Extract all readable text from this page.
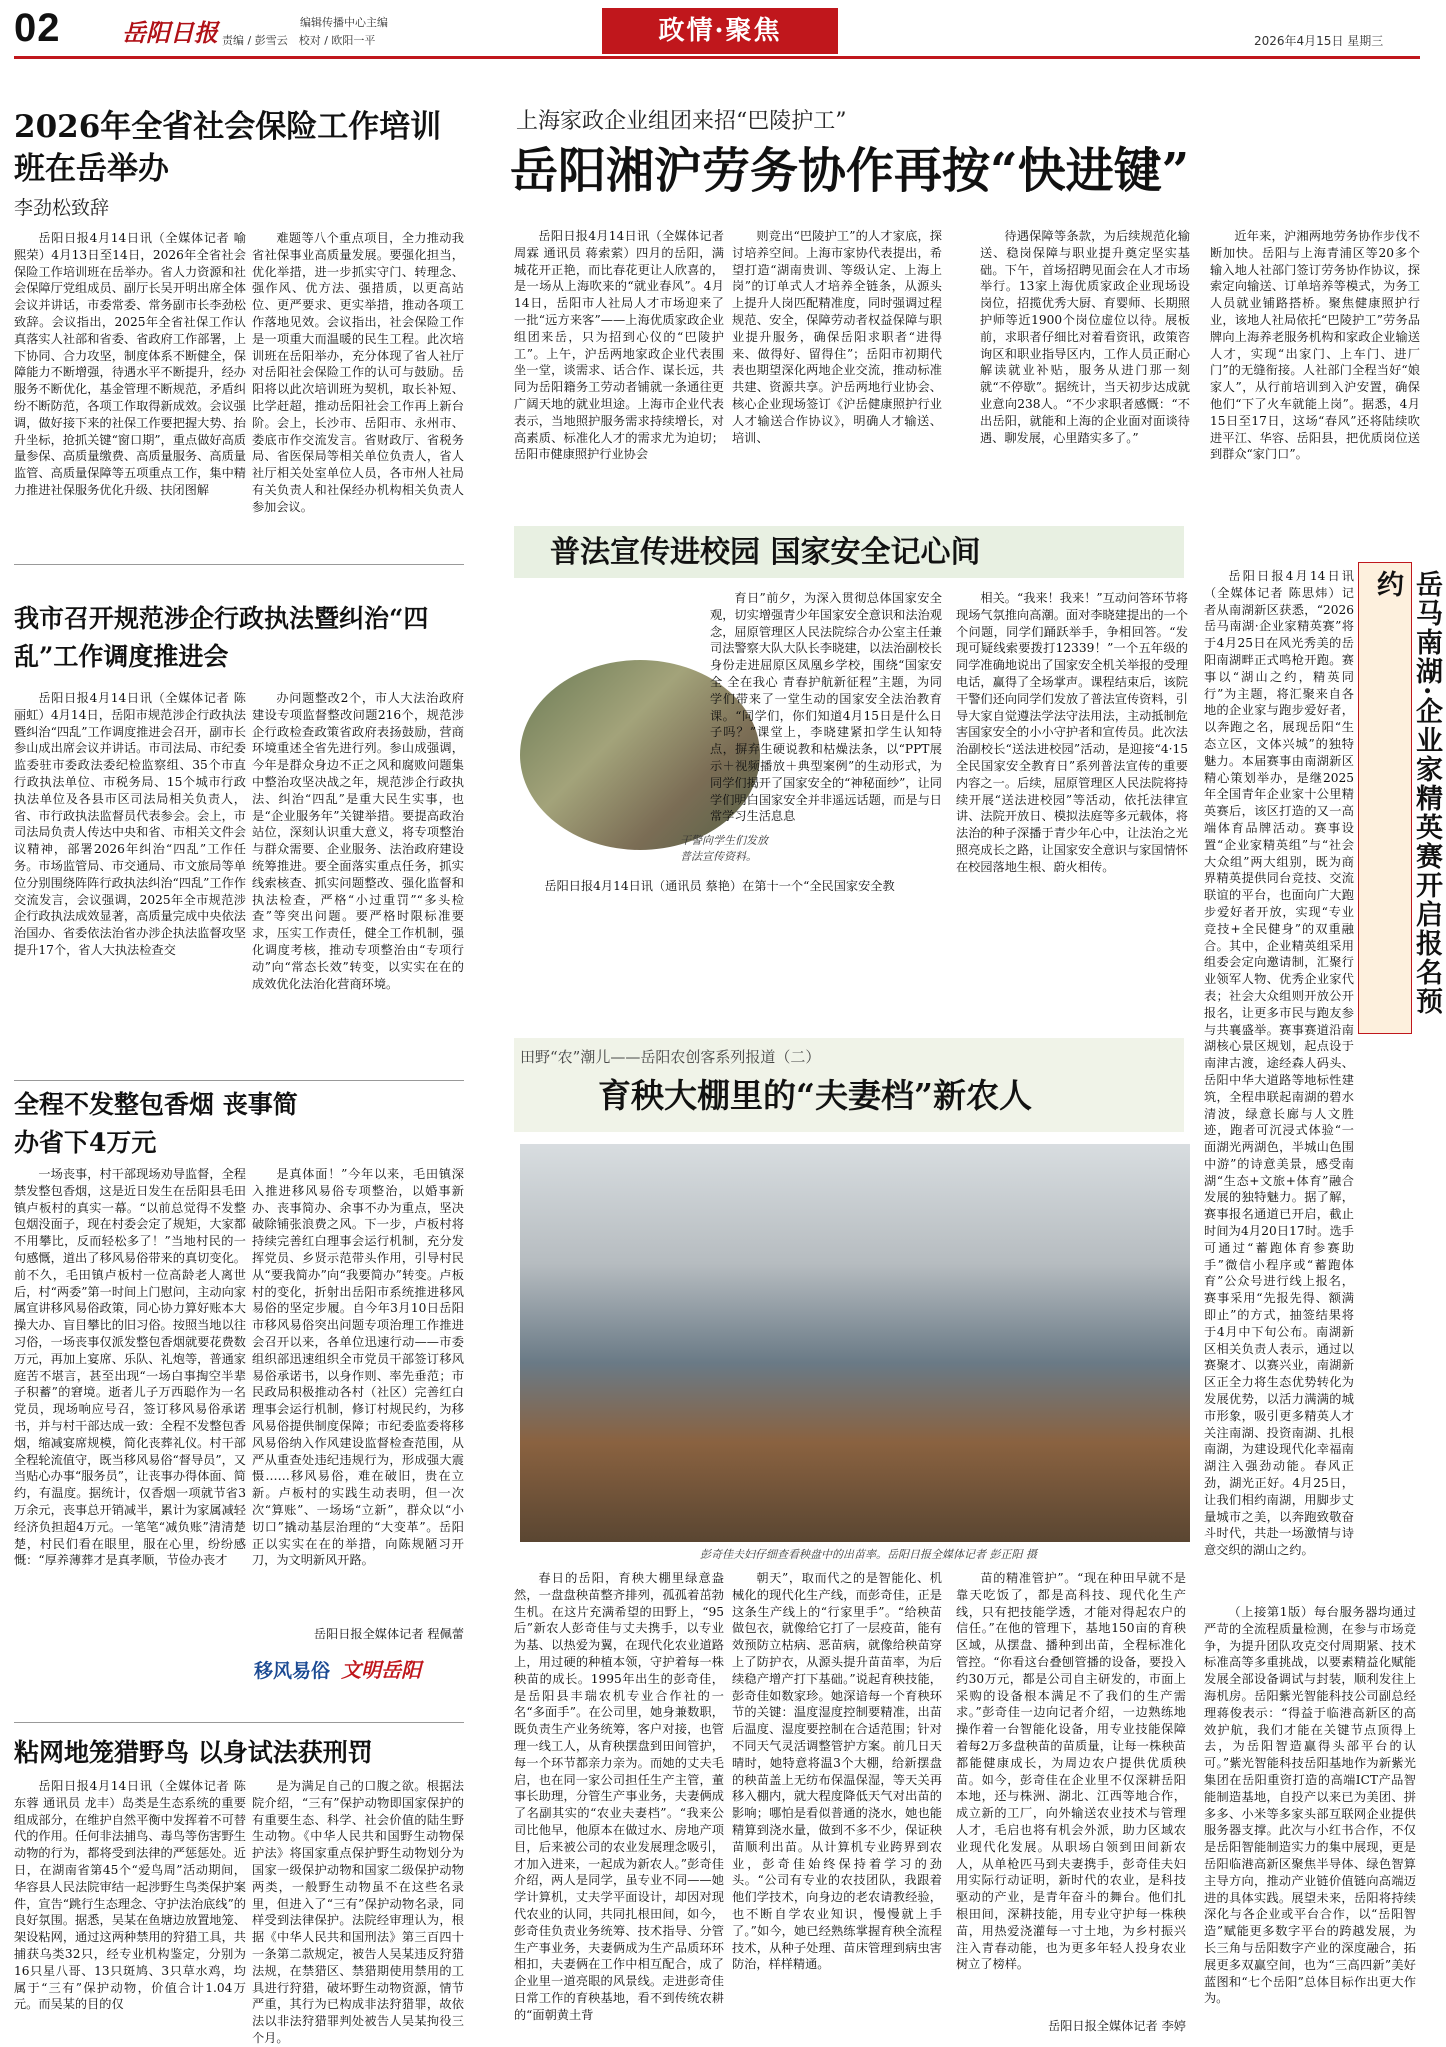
02	岳阳日报	编辑传播中心主编
责编 / 彭雪云　校对 / 欧阳一平	政情·聚焦	2026年4月15日 星期三
2026年全省社会保险工作培训班在岳举办
李劲松致辞

岳阳日报4月14日讯（全媒体记者 喻熙荣）4月13日至14日，2026年全省社会保险工作培训班在岳举办。省人力资源和社会保障厅党组成员、副厅长吴开明出席全体会议并讲话，市委常委、常务副市长李劲松致辞。会议指出，2025年全省社保工作认真落实人社部和省委、省政府工作部署，上下协同、合力攻坚，制度体系不断健全，保障能力不断增强，待遇水平不断提升，经办服务不断优化，基金管理不断规范，矛盾纠纷不断防范，各项工作取得新成效。会议强调，做好接下来的社保工作要把握大势、抬升坐标，抢抓关键“窗口期”，重点做好高质量参保、高质量缴费、高质量服务、高质量监管、高质量保障等五项重点工作，集中精力推进社保服务优化升级、扶闭图解

难题等八个重点项目，全力推动我省社保事业高质量发展。要强化担当，优化举措，进一步抓实守门、转理念、强作风、优方法、强措质，以更高站位、更严要求、更实举措，推动各项工作落地见效。会议指出，社会保险工作是一项重大而温暖的民生工程。此次培训班在岳阳举办，充分体现了省人社厅对岳阳社会保险工作的认可与鼓励。岳阳将以此次培训班为契机，取长补短、比学赶超，推动岳阳社会工作再上新台阶。会上，长沙市、岳阳市、永州市、娄底市作交流发言。省财政厅、省税务局、省医保局等相关单位负责人，省人社厅相关处室单位人员，各市州人社局有关负责人和社保经办机构相关负责人参加会议。

我市召开规范涉企行政执法暨纠治“四乱”工作调度推进会

岳阳日报4月14日讯（全媒体记者 陈丽虹）4月14日，岳阳市规范涉企行政执法暨纠治“四乱”工作调度推进会召开，副市长参山成出席会议并讲话。市司法局、市纪委监委驻市委政法委纪检监察组、35个市直行政执法单位、市税务局、15个城市行政执法单位及各县市区司法局相关负责人，省、市行政执法监督员代表参会。会上，市司法局负责人传达中央和省、市相关文件会议精神，部署2026年纠治“四乱”工作任务。市场监管局、市交通局、市文旅局等单位分别围绕阵阵行政执法纠治“四乱”工作作交流发言，会议强调，2025年全市规范涉企行政执法成效显著，高质量完成中央依法治国办、省委依法治省办涉企执法监督攻坚提升17个，省人大执法检查交

办问题整改2个，市人大法治政府建设专项监督整改问题216个，规范涉企行政检查政策省政府表扬鼓励，营商环境重述全省先进行列。参山成强调，今年是群众身边不正之风和腐败问题集中整治攻坚决战之年，规范涉企行政执法、纠治“四乱”是重大民生实事，也是“企业服务年”关键举措。要提高政治站位，深刻认识重大意义，将专项整治与群众需要、企业服务、法治政府建设统筹推进。要全面落实重点任务，抓实线索核查、抓实问题整改、强化监督和执法检查，严格“小过重罚”“多头检查”等突出问题。要严格时限标准要求，压实工作责任，健全工作机制，强化调度考核，推动专项整治由“专项行动”向“常态长效”转变，以实实在在的成效优化法治化营商环境。

全程不发整包香烟 丧事简办省下4万元

一场丧事，村干部现场劝导监督，全程禁发整包香烟，这是近日发生在岳阳县毛田镇卢板村的真实一幕。“以前总觉得不发整包烟没面子，现在村委会定了规矩，大家都不用攀比，反而轻松多了！”当地村民的一句感慨，道出了移风易俗带来的真切变化。前不久，毛田镇卢板村一位高龄老人离世后，村“两委”第一时间上门慰问，主动向家属宣讲移风易俗政策，同心协力算好账本大操大办、盲目攀比的旧习俗。按照当地以往习俗，一场丧事仅派发整包香烟就要花费数万元，再加上宴席、乐队、礼炮等，普通家庭苦不堪言，甚至出现“一场白事掏空半辈子积蓄”的窘境。逝者儿子万西聪作为一名党员，现场响应号召，签订移风易俗承诺书，并与村干部达成一致：全程不发整包香烟，缩减宴席规模，简化丧葬礼仪。村干部全程轮流值守，既当移风易俗“督导员”，又当贴心办事“服务员”，让丧事办得体面、简约，有温度。据统计，仅香烟一项就节省3万余元，丧事总开销减半，累计为家属减轻经济负担超4万元。一笔笔“减负账”清清楚楚，村民们看在眼里，服在心里，纷纷感慨：“厚养薄葬才是真孝顺，节俭办丧才

是真体面！”今年以来，毛田镇深入推进移风易俗专项整治，以婚事新办、丧事简办、余事不办为重点，坚决破除铺张浪费之风。下一步，卢板村将持续完善红白理事会运行机制，充分发挥党员、乡贤示范带头作用，引导村民从“要我简办”向“我要简办”转变。卢板村的变化，折射出岳阳市系统推进移风易俗的坚定步履。自今年3月10日岳阳市移风易俗突出问题专项治理工作推进会召开以来，各单位迅速行动——市委组织部迅速组织全市党员干部签订移风易俗承诺书，以身作则、率先垂范；市民政局积极推动各村（社区）完善红白理事会运行机制，修订村规民约，为移风易俗提供制度保障；市纪委监委将移风易俗纳入作风建设监督检查范围，从严从重查处违纪违规行为，形成强大震慑……移风易俗，难在破旧，贵在立新。卢板村的实践生动表明，但一次次“算账”、一场场“立新”，群众以“小切口”撬动基层治理的“大变革”。岳阳正以实实在在的举措，向陈规陋习开刀，为文明新风开路。

岳阳日报全媒体记者 程佩蕾
移风易俗 文明岳阳
粘网地笼猎野鸟 以身试法获刑罚

岳阳日报4月14日讯（全媒体记者 陈东蓉 通讯员 龙丰）岛类是生态系统的重要组成部分，在维护自然平衡中发挥着不可替代的作用。任何非法捕鸟、毒鸟等伤害野生动物的行为，都将受到法律的严惩惩处。近日，在湖南省第45个“爱鸟周”活动期间，华容县人民法院审结一起涉野生鸟类保护案件，宣告“跳行生态理念、守护法治底线”的良好氛围。据悉，吴某在鱼塘边放置地笼、架设粘网，通过这两种禁用的狩猎工具，共捕获乌类32只，经专业机构鉴定，分别为16只星八哥、13只斑鸠、3只草水鸡，均属于“三有”保护动物，价值合计1.04万元。而吴某的目的仅

是为满足自己的口腹之欲。根据法院介绍，“三有”保护动物即国家保护的有重要生态、科学、社会价值的陆生野生动物。《中华人民共和国野生动物保护法》将国家重点保护野生动物划分为国家一级保护动物和国家二级保护动物两类，一般野生动物虽不在这些名录里，但进入了“三有”保护动物名录，同样受到法律保护。法院经审理认为，根据《中华人民共和国刑法》第三百四十一条第二款规定，被告人吴某违反狩猎法规，在禁猎区、禁猎期使用禁用的工具进行狩猎，破坏野生动物资源，情节严重，其行为已构成非法狩猎罪，故依法以非法狩猎罪判处被告人吴某拘役三个月。

上海家政企业组团来招“巴陵护工”
岳阳湘沪劳务协作再按“快进键”

岳阳日报4月14日讯（全媒体记者 周霖 通讯员 蒋索萦）四月的岳阳，满城花开正艳，而比春花更让人欣喜的，是一场从上海吹来的“就业春风”。4月14日，岳阳市人社局人才市场迎来了一批“远方来客”——上海优质家政企业组团来岳，只为招到心仪的“巴陵护工”。上午，沪岳两地家政企业代表围坐一堂，谈需求、话合作、谋长远，共同为岳阳籍务工劳动者铺就一条通往更广阔天地的就业坦途。上海市企业代表表示，当地照护服务需求持续增长，对高素质、标准化人才的需求尤为迫切；岳阳市健康照护行业协会

则竞出“巴陵护工”的人才家底，探讨培养空间。上海市家协代表提出，希望打造“湖南贵训、等级认定、上海上岗”的订单式人才培养全链条，从源头上提升人岗匹配精准度，同时强调过程规范、安全，保障劳动者权益保障与职业提升服务，确保岳阳求职者“进得来、做得好、留得住”；岳阳市初期代表也期望深化两地企业交流，推动标准共建、资源共享。沪岳两地行业协会、核心企业现场签订《沪岳健康照护行业人才输送合作协议》，明确人才输送、培训、

待遇保障等条款，为后续规范化输送、稳岗保障与职业提升奠定坚实基础。下午，首场招聘见面会在人才市场举行。13家上海优质家政企业现场设岗位，招揽优秀大厨、育婴师、长期照护师等近1900个岗位虚位以待。展板前，求职者仔细比对着看资讯，政策咨询区和职业指导区内，工作人员正耐心解读就业补贴，服务从进门那一刻就“不停歇”。据统计，当天初步达成就业意向238人。“不少求职者感慨：“不出岳阳，就能和上海的企业面对面谈待遇、聊发展，心里踏实多了。”

近年来，沪湘两地劳务协作步伐不断加快。岳阳与上海青浦区等20多个输入地人社部门签订劳务协作协议，探索定向输送、订单培养等模式，为务工人员就业铺路搭桥。聚焦健康照护行业，该地人社局依托“巴陵护工”劳务品牌向上海养老服务机构和家政企业输送人才，实现“出家门、上车门、进厂门”的无缝衔接。人社部门全程当好“娘家人”，从行前培训到入沪安置，确保他们“下了火车就能上岗”。据悉，4月15日至17日，这场“春风”还将陆续吹进平江、华容、岳阳县，把优质岗位送到群众“家门口”。

普法宣传进校园 国家安全记心间
干警向学生们发放普法宣传资料。

育日”前夕，为深入贯彻总体国家安全观，切实增强青少年国家安全意识和法治观念，屈原管理区人民法院综合办公室主任兼司法警察大队大队长李晓建，以法治副校长身份走进屈原区凤凰乡学校，围绕“国家安全 全在我心 青春护航新征程”主题，为同学们带来了一堂生动的国家安全法治教育课。“同学们，你们知道4月15日是什么日子吗？”课堂上，李晓建紧扣学生认知特点，摒弃生硬说教和枯燥法条，以“PPT展示＋视频播放＋典型案例”的生动形式，为同学们揭开了国家安全的“神秘面纱”，让同学们明白国家安全并非遥远话题，而是与日常学习生活息息

岳阳日报4月14日讯（通讯员 蔡艳）在第十一个“全民国家安全教

相关。“我来！我来！”互动问答环节将现场气氛推向高潮。面对李晓建提出的一个个问题，同学们踊跃举手，争相回答。“发现可疑线索要拨打12339！”一个五年级的同学准确地说出了国家安全机关举报的受理电话，赢得了全场掌声。课程结束后，该院干警们还向同学们发放了普法宣传资料，引导大家自觉遵法学法守法用法，主动抵制危害国家安全的小小守护者和宣传员。此次法治副校长“送法进校园”活动，是迎接“4·15全民国家安全教育日”系列普法宣传的重要内容之一。后续，屈原管理区人民法院将持续开展“送法进校园”等活动，依托法律宣讲、法院开放日、模拟法庭等多元载体，将法治的种子深播于青少年心中，让法治之光照亮成长之路，让国家安全意识与家国情怀在校园落地生根、蔚火相传。	岳马南湖·企业家精英赛开启报名预约

岳阳日报4月14日讯（全媒体记者 陈思炜）记者从南湖新区获悉，“2026岳马南湖·企业家精英赛”将于4月25日在风光秀美的岳阳南湖畔正式鸣枪开跑。赛事以“湖山之约，精英同行”为主题，将汇聚来自各地的企业家与跑步爱好者，以奔跑之名，展现岳阳“生态立区，文体兴城”的独特魅力。本届赛事由南湖新区精心策划举办，是继2025年全国青年企业家十公里精英赛后，该区打造的又一高端体育品牌活动。赛事设置“企业家精英组”与“社会大众组”两大组别，既为商界精英提供同台竞技、交流联谊的平台，也面向广大跑步爱好者开放，实现“专业竞技+全民健身”的双重融合。其中，企业精英组采用组委会定向邀请制，汇聚行业领军人物、优秀企业家代表；社会大众组则开放公开报名，让更多市民与跑友参与共襄盛举。赛事赛道沿南湖核心景区规划，起点设于南津古渡，途经森人码头、岳阳中华大道路等地标性建筑，全程串联起南湖的碧水清波，绿意长廊与人文胜迹，跑者可沉浸式体验“一面湖光两湖色，半城山色围中游”的诗意美景，感受南湖“生态+文旅+体育”融合发展的独特魅力。据了解，赛事报名通道已开启，截止时间为4月20日17时。选手可通过“蓄跑体育参赛助手”微信小程序或“蓄跑体育”公众号进行线上报名，赛事采用“先报先得、额满即止”的方式，抽签结果将于4月中下旬公布。南湖新区相关负责人表示，通过以赛聚才、以赛兴业，南湖新区正全力将生态优势转化为发展优势，以活力满满的城市形象，吸引更多精英人才关注南湖、投资南湖、扎根南湖，为建设现代化幸福南湖注入强劲动能。春风正劲，湖光正好。4月25日，让我们相约南湖，用脚步丈量城市之美，以奔跑致敬奋斗时代，共赴一场激情与诗意交织的湖山之约。

田野“农”潮儿——岳阳农创客系列报道（二）
育秧大棚里的“夫妻档”新农人
彭奇佳夫妇仔细查看秧盘中的出苗率。岳阳日报全媒体记者 彭正阳 摄

春日的岳阳，育秧大棚里绿意盎然，一盘盘秧苗整齐排列，孤孤着茁勃生机。在这片充满希望的田野上，“95后”新农人彭奇佳与丈夫携手，以专业为基、以热爱为翼，在现代化农业道路上，用过硬的种植本领，守护着每一株秧苗的成长。1995年出生的彭奇佳，是岳阳县丰瑞农机专业合作社的一名“多面手”。在公司里，她身兼数职，既负责生产业务统筹，客户对接，也管理一线工人，从育秧摆盘到田间管护，每一个环节都亲力亲为。而她的丈夫毛启，也在同一家公司担任生产主管，董事长助理，分管生产事业务，夫妻俩成了名副其实的“农业夫妻档”。“我来公司比他早，他原本在做过水、房地产项目，后来被公司的农业发展理念吸引，才加入进来，一起成为新农人。”彭奇佳介绍，两人是同学，虽专业不同——她学计算机，丈夫学平面设计，却因对现代农业的认同，共同扎根田间，如今，彭奇佳负责业务统筹、技术指导、分管生产事业务，夫妻俩成为生产品质环环相扣，夫妻俩在工作中相互配合，成了企业里一道亮眼的风景线。走进彭奇佳日常工作的育秧基地，看不到传统农耕的“面朝黄土背

朝天”，取而代之的是智能化、机械化的现代化生产线，而彭奇佳，正是这条生产线上的“行家里手”。“给秧苗做包衣，就像给它打了一层疫苗，能有效预防立枯病、恶苗病，就像给秧苗穿上了防护衣，从源头提升苗苗率，为后续稳产增产打下基础。”说起育秧技能，彭奇佳如数家珍。她深谙每一个育秧环节的关键：温度湿度控制要精准，出苗后温度、湿度要控制在合适范围；针对不同天气灵活调整管护方案。前几日天晴时，她特意将温3个大棚，给新摆盘的秧苗盖上无纺布保温保湿，等天关再移入棚内，就大程度降低天气对出苗的影响；哪怕是看似普通的浇水，她也能精算到浇水量，做到不多不少，保证秧苗顺利出苗。从计算机专业跨界到农业，彭奇佳始终保持着学习的劲头。“公司有专业的农技团队，我跟着他们学技术，向身边的老农请教经验，也不断自学农业知识，慢慢就上手了。”如今，她已经熟练掌握育秧全流程技术，从种子处理、苗床管理到病虫害防治，样样精通。

苗的精准管护”。“现在种田早就不是靠天吃饭了，都是高科技、现代化生产线，只有把技能学透，才能对得起农户的信任。”在他的管理下，基地150亩的育秧区域，从摆盘、播种到出苗，全程标准化管控。“你看这台叠刨管播的设备，要投入约30万元，都是公司自主研发的，市面上采购的设备根本满足不了我们的生产需求。”彭奇佳一边向记者介绍，一边熟练地操作着一台智能化设备，用专业技能保障着每2万多盘秧苗的苗质量，让每一株秧苗都能健康成长，为周边农户提供优质秧苗。如今，彭奇佳在企业里不仅深耕岳阳本地，还与株洲、湖北、江西等地合作，成立新的工厂，向外输送农业技术与管理人才，毛启也将有机会外派，助力区域农业现代化发展。从职场白领到田间新农人，从单枪匹马到夫妻携手，彭奇佳夫妇用实际行动证明，新时代的农业，是科技驱动的产业，是青年奋斗的舞台。他们扎根田间，深耕技能，用专业守护每一株秧苗，用热爱浇灌每一寸土地，为乡村振兴注入青春动能，也为更多年轻人投身农业树立了榜样。

岳阳日报全媒体记者 李婷

（上接第1版）每台服务器均通过严苛的全流程质量检测，在参与市场竞争，为提升团队攻克交付周期紧、技术标准高等多重挑战，以要素精益化赋能发展全部设备调试与封装，顺利发往上海机房。岳阳紫光智能科技公司副总经理蒋俊表示：“得益于临港高新区的高效护航，我们才能在关键节点顶得上去，为岳阳智造赢得头部平台的认可。”紫光智能科技岳阳基地作为新紫光集团在岳阳重资打造的高端ICT产品智能制造基地，自投产以来已为美团、拼多多、小米等多家头部互联网企业提供服务器支撑。此次与小红书合作，不仅是岳阳智能制造实力的集中展现，更是岳阳临港高新区聚焦半导体、绿色智算主导方向，推动产业链价值链向高端迈进的具体实践。展望未来，岳阳将持续深化与各企业或平台合作，以“岳阳智造”赋能更多数字平台的跨越发展，为长三角与岳阳数字产业的深度融合，拓展更多双赢空间，也为“三高四新”美好蓝图和“七个岳阳”总体目标作出更大作为。
